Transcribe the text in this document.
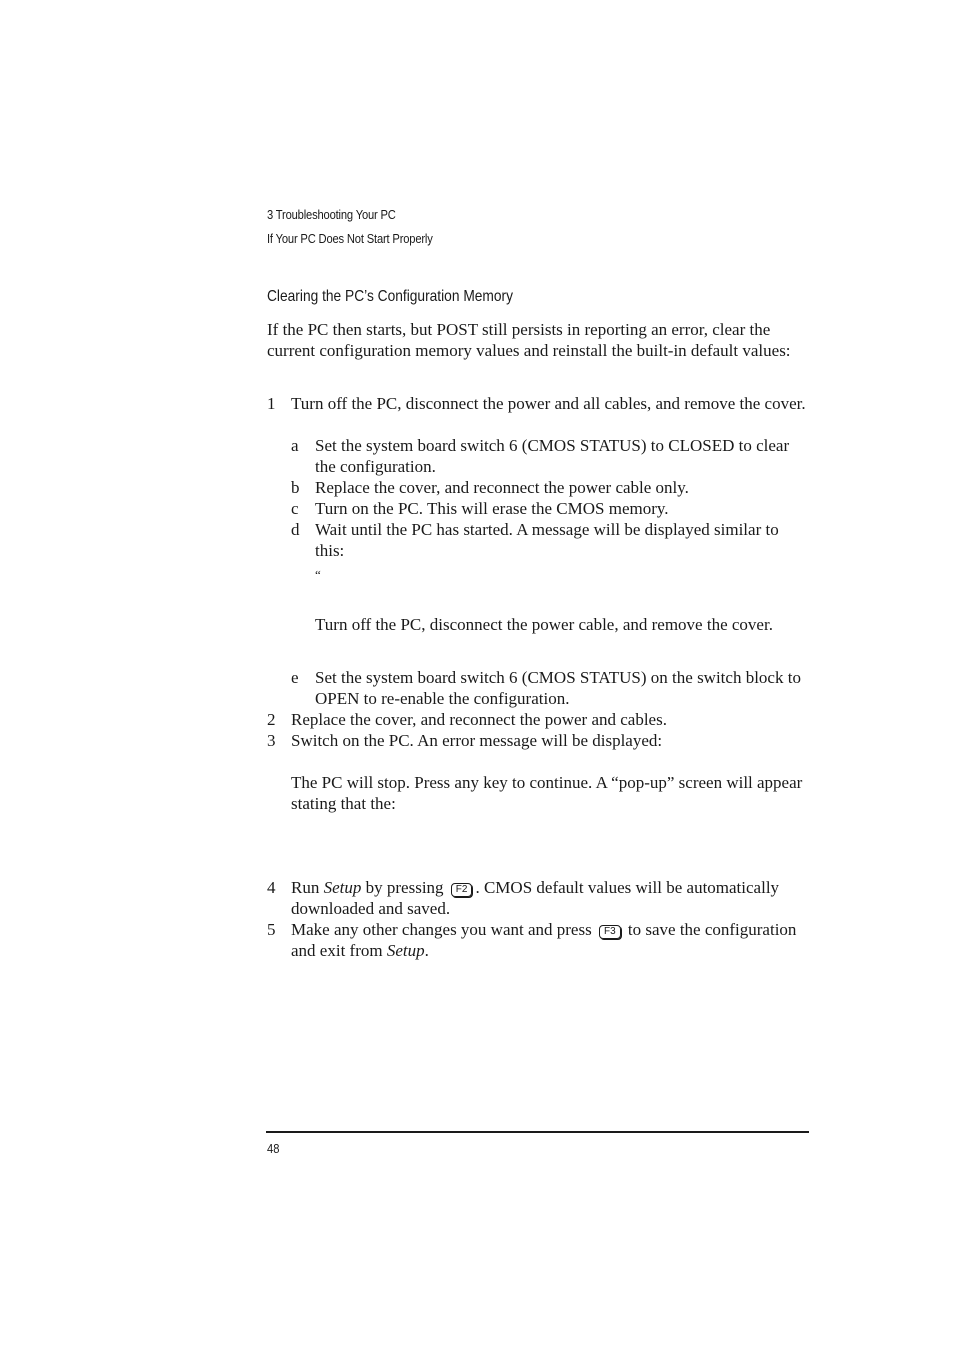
3 Troubleshooting Your PC
If Your PC Does Not Start Properly
Clearing the PC’s Configuration Memory
If the PC then starts, but POST still persists in reporting an error, clear the current configuration memory values and reinstall the built-in default values:
1 Turn off the PC, disconnect the power and all cables, and remove the cover.
a Set the system board switch 6 (CMOS STATUS) to CLOSED to clear the configuration.
b Replace the cover, and reconnect the power cable only.
c Turn on the PC. This will erase the CMOS memory.
d Wait until the PC has started. A message will be displayed similar to this:
“
Turn off the PC, disconnect the power cable, and remove the cover.
e Set the system board switch 6 (CMOS STATUS) on the switch block to OPEN to re-enable the configuration.
2 Replace the cover, and reconnect the power and cables.
3 Switch on the PC. An error message will be displayed:
The PC will stop. Press any key to continue. A “pop-up” screen will appear stating that the:
4 Run Setup by pressing F2 . CMOS default values will be automatically downloaded and saved.
5 Make any other changes you want and press F3 to save the configuration and exit from Setup.
48
